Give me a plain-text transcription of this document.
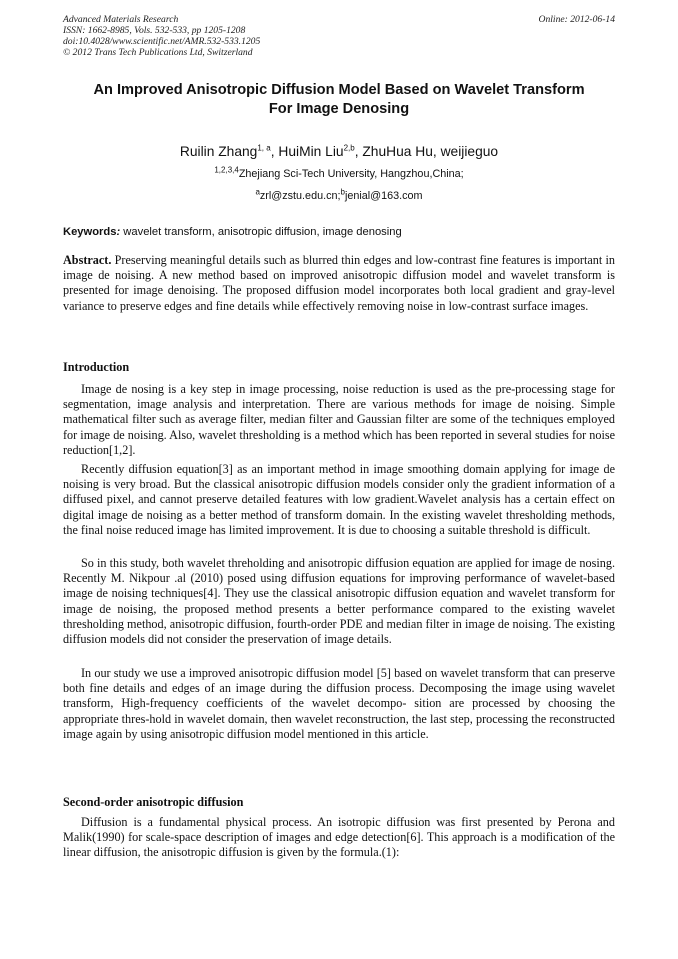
Advanced Materials Research
ISSN: 1662-8985, Vols. 532-533, pp 1205-1208
doi:10.4028/www.scientific.net/AMR.532-533.1205
© 2012 Trans Tech Publications Ltd, Switzerland
Online: 2012-06-14
An Improved Anisotropic Diffusion Model Based on Wavelet Transform
For Image Denosing
Ruilin Zhang$^{1, a}$, HuiMin Liu$^{2,b}$, ZhuHua Hu, weijieguo
$^{1,2,3,4}$Zhejiang Sci-Tech University, Hangzhou,China;
$^a$zrl@zstu.edu.cn;$^b$jenial@163.com
Keywords: wavelet transform, anisotropic diffusion, image denosing
Abstract. Preserving meaningful details such as blurred thin edges and low-contrast fine features is important in image de noising. A new method based on improved anisotropic diffusion model and wavelet transform is presented for image denoising. The proposed diffusion model incorporates both local gradient and gray-level variance to preserve edges and fine details while effectively removing noise in low-contrast surface images.
Introduction

Image de nosing is a key step in image processing, noise reduction is used as the pre-processing stage for segmentation, image analysis and interpretation. There are various methods for image de noising. Simple mathematical filter such as average filter, median filter and Gaussian filter are some of the techniques employed for image de noising. Also, wavelet thresholding is a method which has been reported in several studies for noise reduction[1,2].

Recently diffusion equation[3] as an important method in image smoothing domain applying for image de noising is very broad. But the classical anisotropic diffusion models consider only the gradient information of a diffused pixel, and cannot preserve detailed features with low gradient.Wavelet analysis has a certain effect on digital image de noising as a better method of transform domain. In the existing wavelet thresholding methods, the final noise reduced image has limited improvement. It is due to choosing a suitable threshold is difficult.

So in this study, both wavelet threholding and anisotropic diffusion equation are applied for image de nosing. Recently M. Nikpour .al (2010) posed using diffusion equations for improving performance of wavelet-based image de noising techniques[4]. They use the classical anisotropic diffusion equation and wavelet transform for image de noising, the proposed method presents a better performance compared to the existing wavelet thresholding method, anisotropic diffusion, fourth-order PDE and median filter in image de noising. The existing diffusion models did not consider the preservation of image details.

In our study we use a improved anisotropic diffusion model [5] based on wavelet transform that can preserve both fine details and edges of an image during the diffusion process. Decomposing the image using wavelet transform, High-frequency coefficients of the wavelet decompo- sition are processed by choosing the appropriate thres-hold in wavelet domain, then wavelet reconstruction, the last step, processing the reconstructed image again by using anisotropic diffusion model mentioned in this article.

Second-order anisotropic diffusion

Diffusion is a fundamental physical process. An isotropic diffusion was first presented by Perona and Malik(1990) for scale-space description of images and edge detection[6]. This approach is a modification of the linear diffusion, the anisotropic diffusion is given by the formula.(1):
